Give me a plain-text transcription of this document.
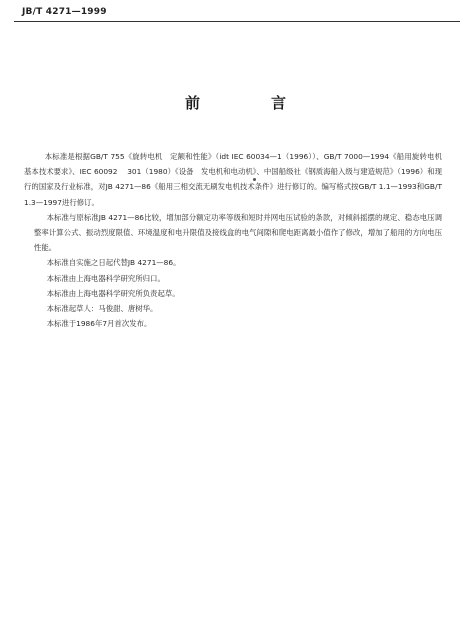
JB/T 4271—1999
前　言

本标准是根据GB/T 755《旋转电机　定额和性能》（idt IEC 60034—1（1996））、GB/T 7000—1994《船用旋转电机基本技术要求》、IEC 60092 　301（1980）《设备　发电机和电动机》、中国船级社《钢质海船入级与建造规范》（1996）和现行的国家及行业标准，对JB 4271—86《船用三相交流无刷发电机技术条件》进行修订的。编写格式按GB/T 1.1—1993和GB/T 1.3—1997进行修订。

本标准与原标准JB 4271—86比较，增加部分额定功率等级和短时并网电压试验的条款，对倾斜摇摆的规定、稳态电压调整率计算公式、振动烈度限值、环境温度和电升限值及接线盒的电气间隙和爬电距离最小值作了修改，增加了船用的方向电压性能。

本标准自实施之日起代替JB 4271—86。

本标准由上海电器科学研究所归口。

本标准由上海电器科学研究所负责起草。

本标准起草人：马俊甜、唐树华。

本标准于1986年7月首次发布。
